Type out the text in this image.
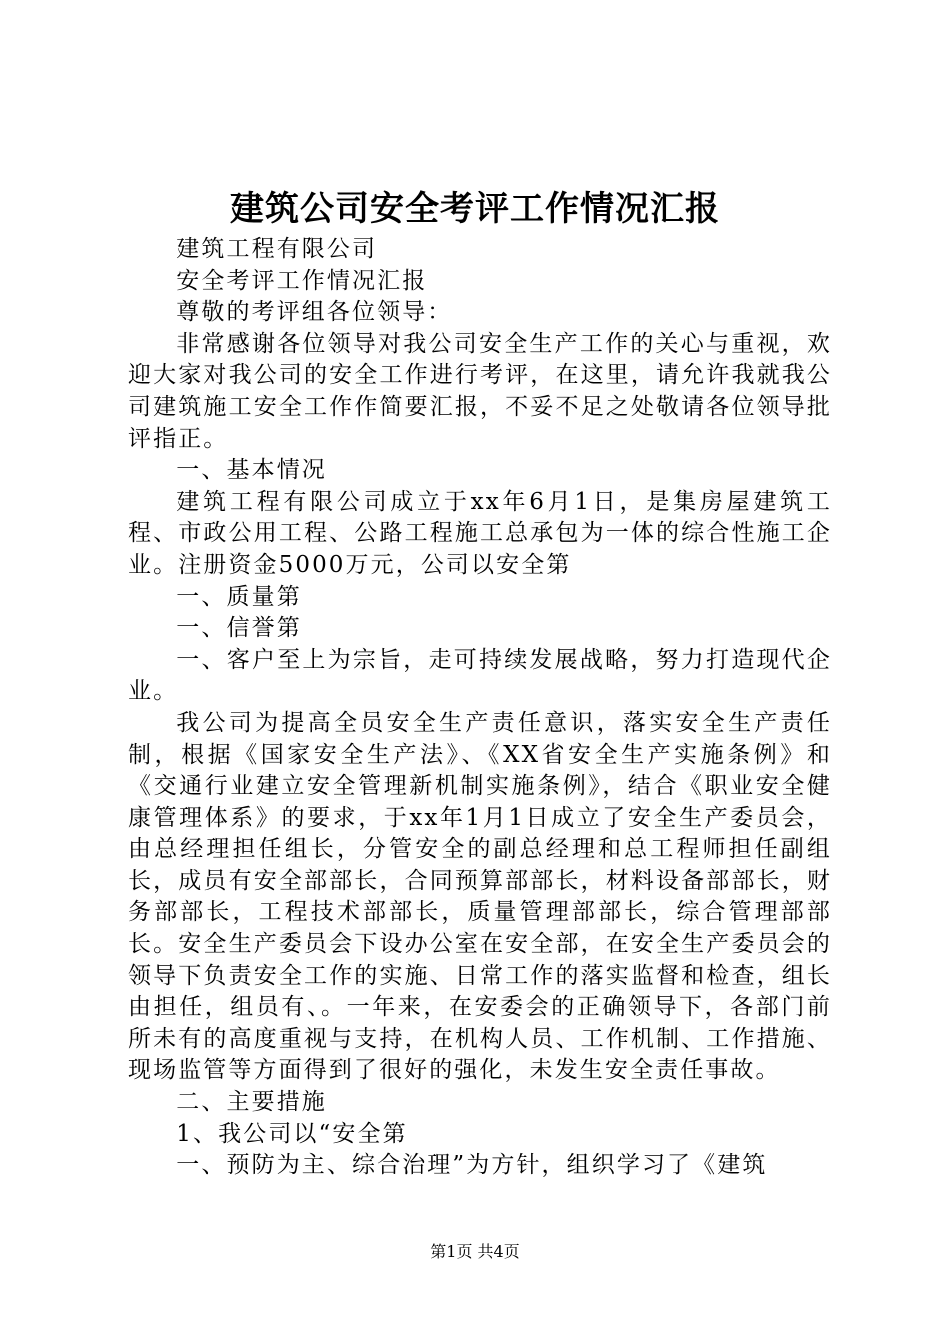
建筑公司安全考评工作情况汇报

建筑工程有限公司

安全考评工作情况汇报

尊敬的考评组各位领导：

非常感谢各位领导对我公司安全生产工作的关心与重视，欢迎大家对我公司的安全工作进行考评，在这里，请允许我就我公司建筑施工安全工作作简要汇报，不妥不足之处敬请各位领导批评指正。

一、基本情况

建筑工程有限公司成立于xx年6月1日，是集房屋建筑工程、市政公用工程、公路工程施工总承包为一体的综合性施工企业。注册资金5000万元，公司以安全第

一、质量第

一、信誉第

一、客户至上为宗旨，走可持续发展战略，努力打造现代企业。

我公司为提高全员安全生产责任意识，落实安全生产责任制，根据《国家安全生产法》、《XX省安全生产实施条例》和《交通行业建立安全管理新机制实施条例》，结合《职业安全健康管理体系》的要求，于xx年1月1日成立了安全生产委员会，由总经理担任组长，分管安全的副总经理和总工程师担任副组长，成员有安全部部长，合同预算部部长，材料设备部部长，财务部部长，工程技术部部长，质量管理部部长，综合管理部部长。安全生产委员会下设办公室在安全部，在安全生产委员会的领导下负责安全工作的实施、日常工作的落实监督和检查，组长由担任，组员有、。一年来，在安委会的正确领导下，各部门前所未有的高度重视与支持，在机构人员、工作机制、工作措施、现场监管等方面得到了很好的强化，未发生安全责任事故。

二、主要措施

1、我公司以“安全第

一、预防为主、综合治理”为方针，组织学习了《建筑

第1页 共4页
